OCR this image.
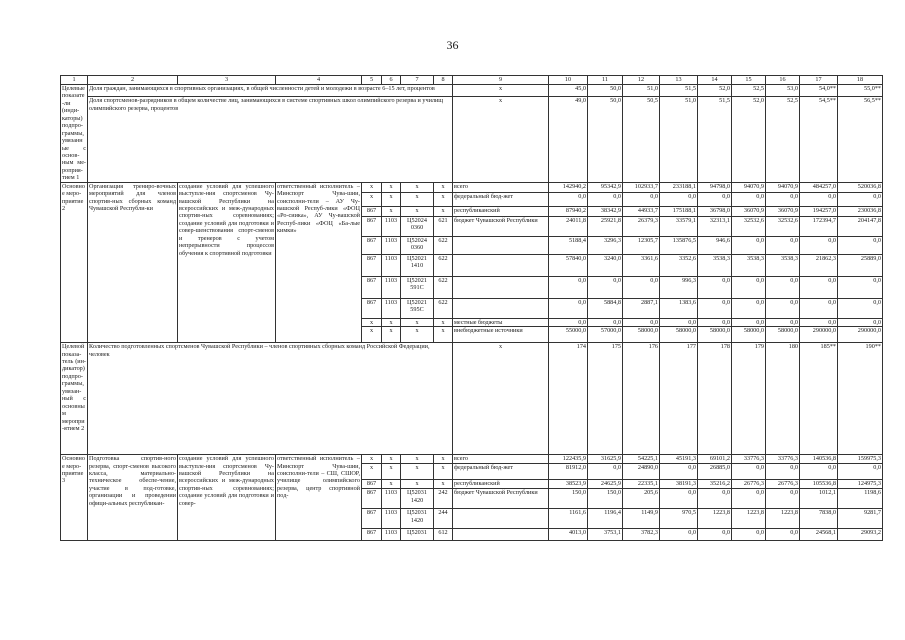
36
1	2	3	4	5	6	7	8	9	10	11	12	13	14	15	16	17	18
Целевые показате-ли (инди-каторы) подпро-граммы, увязанные с основ-ным ме-роприя-тием 1	Доля граждан, занимающихся в спортивных организациях, в общей численности детей и молодежи в возрасте 6–15 лет, процентов							x	45,0	50,0	51,0	51,5	52,0	52,5	53,0	54,0**	55,0**
	Доля спортсменов-разрядников в общем количестве лиц, занимающихся в системе спортивных школ олимпийского резерва и училищ олимпийского резерва, процентов							x	49,0	50,0	50,5	51,0	51,5	52,0	52,5	54,5**	56,5**
Основное меро-приятие 2	Организация трениро-вочных мероприятий для членов спортив-ных сборных команд Чувашской Республи-ки	создание условий для успешного выступле-ния спортсменов Чу-вашской Республики на всероссийских и меж-дународных спортив-ных соревнованиях; создание условий для подготовки и совер-шенствования спорт-сменов и тренеров с учетом непрерывности процессов обучения к спортивной подготовки	ответственный исполнитель – Минспорт Чува-шии, соисполни-тели – АУ Чу-вашской Респуб-лики «ФОЦ «Ро-сиика», АУ Чу-вашской Респуб-лики «ФОЦ «Ба-лые кимки»	x	x	x	x	всего	142940,2	95342,9	102933,7	233188,1	94798,0	94070,9	94070,9	484257,0	520036,8
				x	x	x	x	федеральный бюд-жет	0,0	0,0	0,0	0,0	0,0	0,0	0,0	0,0	0,0
				867	x	x	x	республиканский	87940,2	38342,9	44933,7	175188,1	36798,0	36070,9	36070,9	194257,0	230036,8
				867	1103	Ц52024 0360	621	бюджет Чувашской Республики	24011,8	25921,8	26379,3	33579,1	32313,1	32532,6	32532,6	172394,7	204147,8
				867	1103	Ц52024 0360	622		5188,4	3296,3	12305,7	135876,5	946,6	0,0	0,0	0,0	0,0
				867	1103	Ц52021 1410	622		57840,0	3240,0	3361,6	3352,6	3538,3	3538,3	3538,3	21862,3	25889,0
				867	1103	Ц52021 591С	622		0,0	0,0	0,0	996,3	0,0	0,0	0,0	0,0	0,0
				867	1103	Ц52021 595С	622		0,0	5884,8	2887,1	1383,6	0,0	0,0	0,0	0,0	0,0
				x	x	x	x	местные бюджеты	0,0	0,0	0,0	0,0	0,0	0,0	0,0	0,0	0,0
				x	x	x	x	внебюджетные источники	55000,0	57000,0	58000,0	58000,0	58000,0	58000,0	58000,0	290000,0	290000,0
Целевой показа-тель (ин-дикатор) подпро-граммы, увязан-ный с основным меропри-ятием 2	Количество подготовленных спортсменов Чувашской Республики – членов спортивных сборных команд Российской Федерации, человек							x	174	175	176	177	178	179	180	185**	190**
Основное меро-приятие 3	Подготовка спортив-ного резерва, спорт-сменов высокого класса, материально-техническое обеспе-чение, участие в под-готовке, организации и проведении офици-альных республикан-	создание условий для успешного выступле-ния спортсменов Чу-вашской Республики на всероссийских и меж-дународных спортив-ных соревнованиях; создание условий для подготовки и совер-	ответственный исполнитель – Минспорт Чува-шии, соисполни-тели – СШ, СШОР, училище олимпийского резерва, центр спортивной под-	x	x	x	x	всего	122435,9	31625,9	54225,1	45191,3	69101,2	33776,3	33776,3	140536,8	159975,3
				x	x	x	x	федеральный бюд-жет	81912,0	0,0	24890,0	0,0	26885,0	0,0	0,0	0,0	0,0
				867	x	x	x	республиканский	38523,9	24625,9	22335,1	38191,3	35216,2	26776,3	26776,3	105536,8	124975,3
				867	1103	Ц52031 1420	242	бюджет Чувашской Республики	150,0	150,0	205,6	0,0	0,0	0,0	0,0	1012,1	1198,6
				867	1103	Ц52031 1420	244		1161,6	1196,4	1149,9	970,5	1223,8	1223,8	1223,8	7838,0	9281,7
				867	1103	Ц52031	612		4013,0	3753,1	3782,3	0,0	0,0	0,0	0,0	24568,1	29093,2
